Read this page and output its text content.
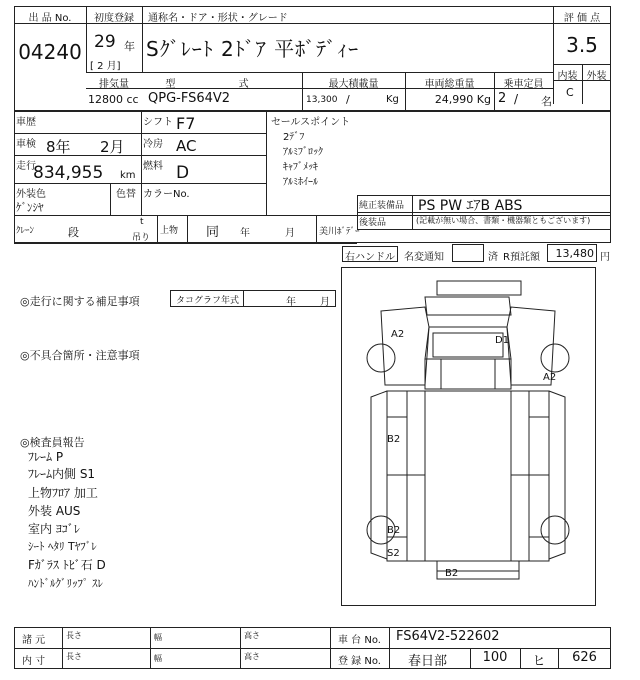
出 品 No.
04240
初度登録
29 年
[ 2 月]
通称名・ドア・形状・グレード
Sｸﾞﾚｰﾄ 2ﾄﾞｱ 平ﾎﾞﾃﾞｨｰ
評 価 点
3.5
内装 外装
C
排気量	型 式	最大積載量	車両総重量	乗車定員
12800 cc QPG-FS64V2	13,300 /	Kg	24,990 Kg 2 / 名
車歴	シフト F7
車検 8年 2月 冷房 AC
走行
834,955 km
燃料 D
外装色
ｹﾞﾝｼﾔ
色替 カラーNo.
セールスポイント
2ﾃﾞﾌ
ｱﾙﾐﾌﾞﾛｯｸ
ｷｬﾌﾞﾒｯｷ
ｱﾙﾐﾎｲｰﾙ
純正装備品 PS PW ｴｱB ABS
後装品	(記載が無い場合、書類・機器類ともございます)
ｸﾚｰﾝ	段
t
吊り
上物 同 年	月	美川ﾎﾞﾃﾞｰ
右ハンドル 名変通知	済 R預託額	13,480 円
◎走行に関する補足事項	タコグラフ年式	年 月
◎不具合箇所・注意事項
◎検査員報告
ﾌﾚｰﾑ P
ﾌﾚｰﾑ内側 S1
上物ﾌﾛｱ 加工
外装 AUS
室内 ﾖｺﾞﾚ
ｼｰﾄ ﾍﾀﾘ Tﾔﾌﾞﾚ
Fｶﾞﾗｽ ﾄﾋﾞ石 D
ﾊﾝﾄﾞﾙｸﾞﾘｯﾌﾟ ｽﾚ
A2
D1
A2
B2
B2
S2
B2
諸 元
内 寸
長さ	幅	高さ
長さ	幅	高さ
車 台 No. FS64V2-522602
登 録 No. 春日部	100	ヒ	626
